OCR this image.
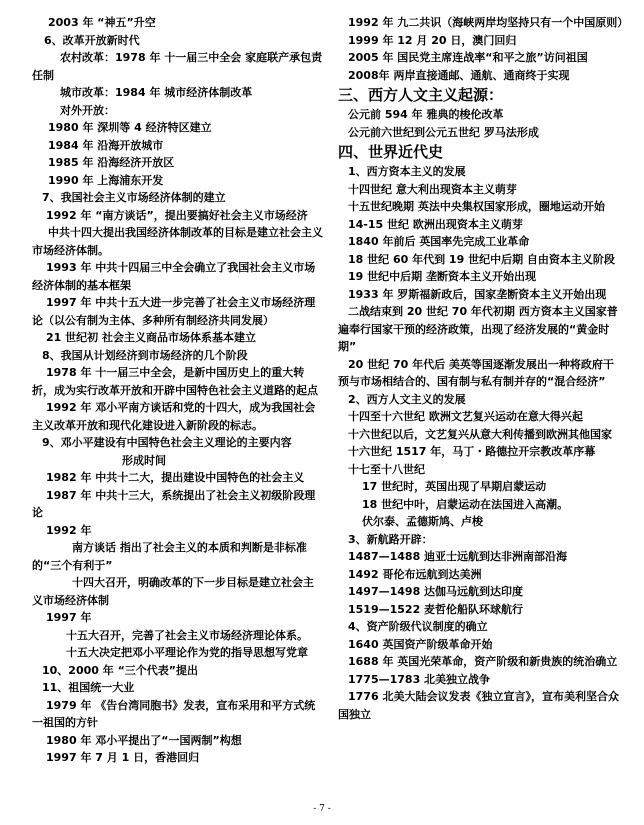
2003 年 “神五”升空
6、改革开放新时代
农村改革：1978 年 十一届三中全会 家庭联产承包责任制
城市改革：1984 年 城市经济体制改革
对外开放：
1980 年 深圳等 4 经济特区建立
1984 年 沿海开放城市
1985 年 沿海经济开放区
1990 年 上海浦东开发
7、我国社会主义市场经济体制的建立
1992 年 “南方谈话”，提出要搞好社会主义市场经济
中共十四大提出我国经济体制改革的目标是建立社会主义市场经济体制。
1993 年 中共十四届三中全会确立了我国社会主义市场经济体制的基本框架
1997 年 中共十五大进一步完善了社会主义市场经济理论（以公有制为主体、多种所有制经济共同发展）
21 世纪初 社会主义商品市场体系基本建立
8、我国从计划经济到市场经济的几个阶段
1978 年 十一届三中全会，是新中国历史上的重大转折，成为实行改革开放和开辟中国特色社会主义道路的起点
1992 年 邓小平南方谈话和党的十四大，成为我国社会主义改革开放和现代化建设进入新阶段的标志。
9、邓小平建设有中国特色社会主义理论的主要内容
形成时间
1982 年 中共十二大，提出建设中国特色的社会主义
1987 年 中共十三大，系统提出了社会主义初级阶段理论
1992 年
南方谈话 指出了社会主义的本质和判断是非标准的“三个有利于”
十四大召开，明确改革的下一步目标是建立社会主义市场经济体制
1997 年
十五大召开，完善了社会主义市场经济理论体系。
十五大决定把邓小平理论作为党的指导思想写党章
10、2000 年 “三个代表”提出
11、祖国统一大业
1979 年 《告台湾同胞书》发表，宣布采用和平方式统一祖国的方针
1980 年 邓小平提出了“一国两制”构想
1997 年 7 月 1 日，香港回归
1992 年 九二共识（海峡两岸均坚持只有一个中国原则）
1999 年 12 月 20 日，澳门回归
2005 年 国民党主席连战率“和平之旅”访问祖国
2008年 两岸直接通邮、通航、通商终于实现
三、西方人文主义起源：
公元前 594 年 雅典的梭伦改革
公元前六世纪到公元五世纪 罗马法形成
四、世界近代史
1、西方资本主义的发展
十四世纪 意大利出现资本主义萌芽
十五世纪晚期 英法中央集权国家形成，圈地运动开始
14-15 世纪 欧洲出现资本主义萌芽
1840 年前后 英国率先完成工业革命
18 世纪 60 年代到 19 世纪中后期 自由资本主义阶段
19 世纪中后期 垄断资本主义开始出现
1933 年 罗斯福新政后，国家垄断资本主义开始出现
二战结束到 20 世纪 70 年代初期 西方资本主义国家普遍奉行国家干预的经济政策，出现了经济发展的“黄金时期”
20 世纪 70 年代后 美英等国逐渐发展出一种将政府干预与市场相结合的、国有制与私有制并存的“混合经济”
2、西方人文主义的发展
十四至十六世纪 欧洲文艺复兴运动在意大得兴起
十六世纪以后，文艺复兴从意大利传播到欧洲其他国家
十六世纪 1517 年，马丁・路德拉开宗教改革序幕
十七至十八世纪
17 世纪时，英国出现了早期启蒙运动
18 世纪中叶，启蒙运动在法国进入高潮。
伏尔泰、孟德斯鸠、卢梭
3、新航路开辟：
1487—1488 迪亚士远航到达非洲南部沿海
1492 哥伦布远航到达美洲
1497—1498 达伽马远航到达印度
1519—1522 麦哲伦船队环球航行
4、资产阶级代议制度的确立
1640 英国资产阶级革命开始
1688 年 英国光荣革命，资产阶级和新贵族的统治确立
1775—1783 北美独立战争
1776 北美大陆会议发表《独立宣言》，宣布美利坚合众国独立
- 7 -
